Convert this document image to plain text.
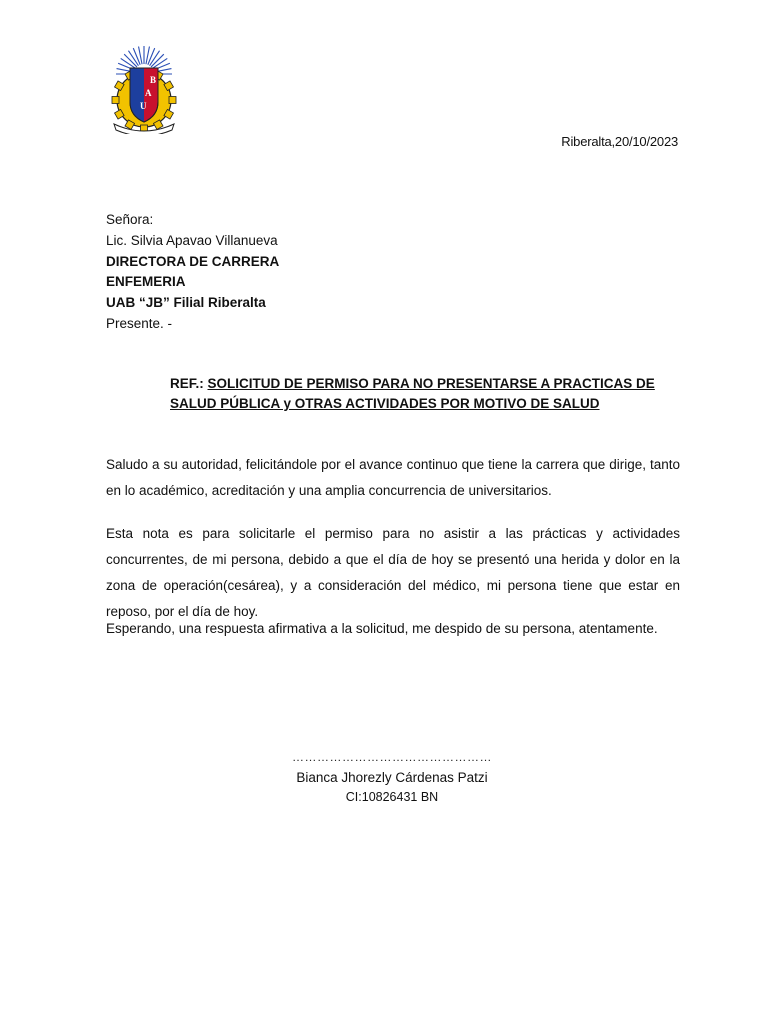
B
A
U
Riberalta,20/10/2023
Señora:
Lic. Silvia Apavao Villanueva
DIRECTORA DE CARRERA
ENFEMERIA
UAB “JB” Filial Riberalta
Presente. -
REF.: SOLICITUD DE PERMISO PARA NO PRESENTARSE A PRACTICAS DE SALUD PÚBLICA y OTRAS ACTIVIDADES POR MOTIVO DE SALUD
Saludo a su autoridad, felicitándole por el avance continuo que tiene la carrera que dirige, tanto en lo académico, acreditación y una amplia concurrencia de universitarios.
Esta nota es para solicitarle el permiso para no asistir a las prácticas y actividades concurrentes, de mi persona, debido a que el día de hoy se presentó una herida y dolor en la zona de operación(cesárea), y a consideración del médico, mi persona tiene que estar en reposo, por el día de hoy.
Esperando, una respuesta afirmativa a la solicitud, me despido de su persona, atentamente.
…………………………………………
Bianca Jhorezly Cárdenas Patzi
CI:10826431 BN
